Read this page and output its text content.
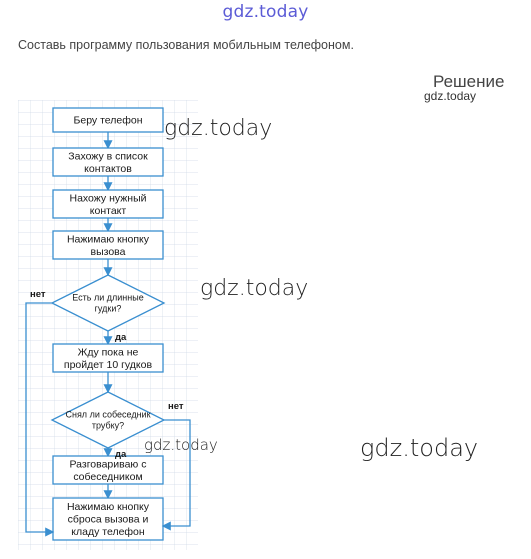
gdz.today
Составь программу пользования мобильным телефоном.
Решение
gdz.today
Беру телефон
Захожу в список
контактов
Нахожу нужный
контакт
Нажимаю кнопку
вызова
Есть ли длинные
гудки?
нет
да
Жду пока не
пройдет 10 гудков
Снял ли собеседник
трубку?
нет
да
Разговариваю с
собеседником
Нажимаю кнопку
сброса вызова и
кладу телефон
gdz.today
gdz.today
gdz.today	gdz.today
